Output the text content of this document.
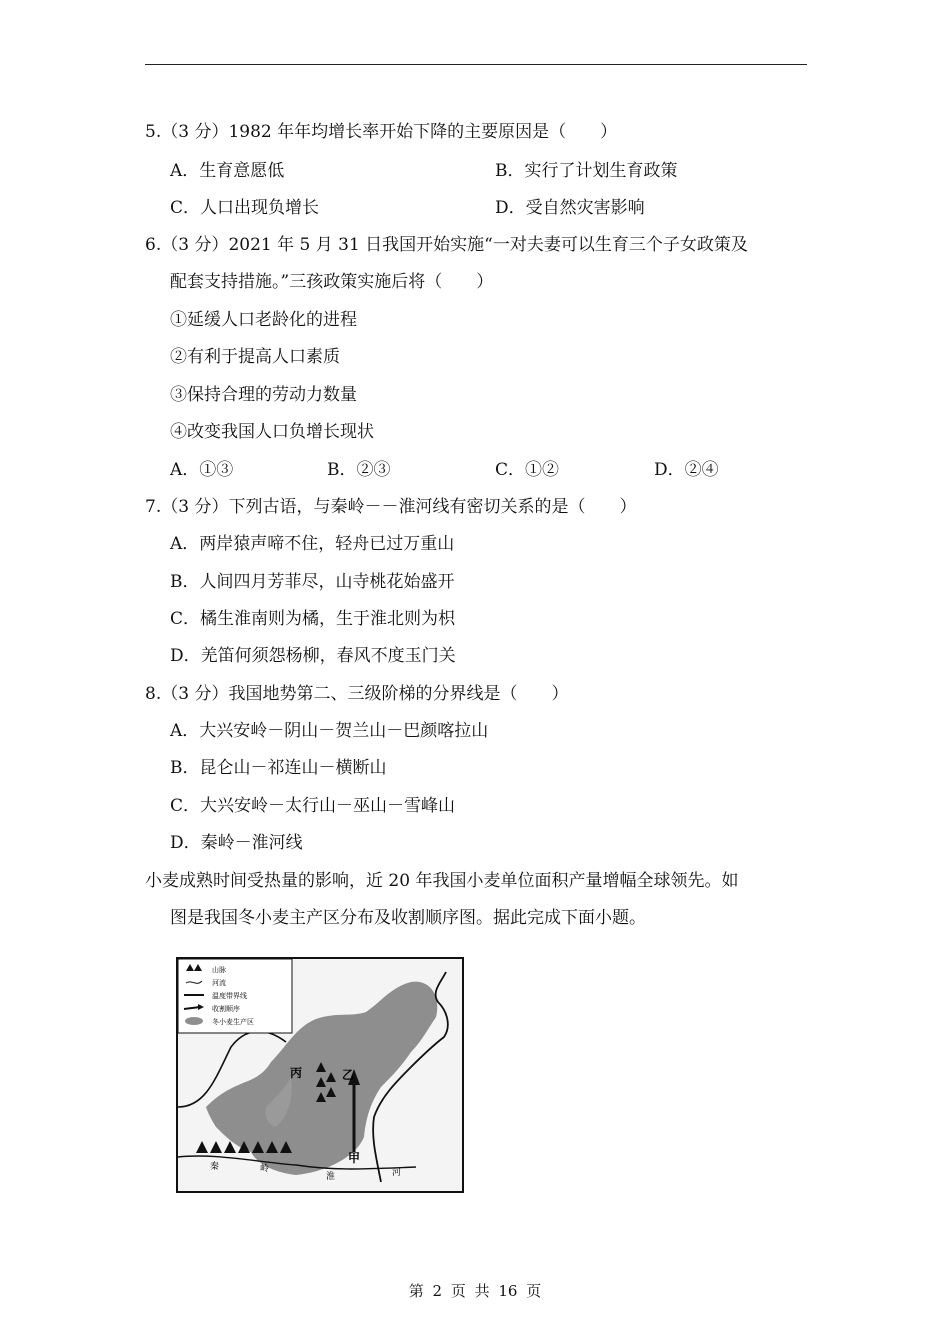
5.（3 分）1982 年年均增长率开始下降的主要原因是（　　）
A．生育意愿低	B．实行了计划生育政策
C．人口出现负增长	D．受自然灾害影响
6.（3 分）2021 年 5 月 31 日我国开始实施“一对夫妻可以生育三个子女政策及
配套支持措施。”三孩政策实施后将（　　）
①延缓人口老龄化的进程
②有利于提高人口素质
③保持合理的劳动力数量
④改变我国人口负增长现状
A．①③	B．②③	C．①②	D．②④
7.（3 分）下列古语，与秦岭－－淮河线有密切关系的是（　　）
A．两岸猿声啼不住，轻舟已过万重山
B．人间四月芳菲尽，山寺桃花始盛开
C．橘生淮南则为橘，生于淮北则为枳
D．羌笛何须怨杨柳，春风不度玉门关
8.（3 分）我国地势第二、三级阶梯的分界线是（　　）
A．大兴安岭－阴山－贺兰山－巴颜喀拉山
B．昆仑山－祁连山－横断山
C．大兴安岭－太行山－巫山－雪峰山
D．秦岭－淮河线
小麦成熟时间受热量的影响，近 20 年我国小麦单位面积产量增幅全球领先。如
图是我国冬小麦主产区分布及收割顺序图。据此完成下面小题。
山脉
河流
温度带界线
收割顺序
冬小麦生产区
丙	乙
甲
秦	岭
淮	河
第 2 页 共 16 页
